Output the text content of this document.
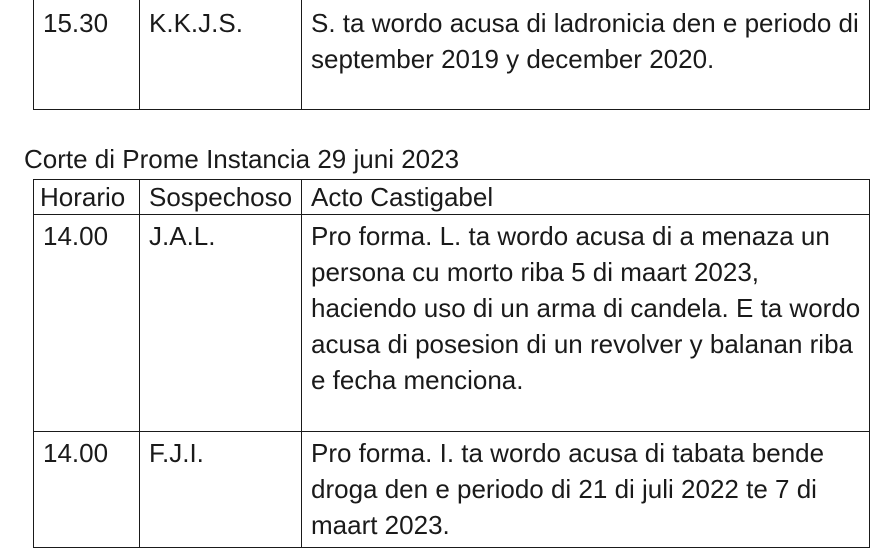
15.30	K.K.J.S.	S. ta wordo acusa di ladronicia den e periodo di september 2019 y december 2020.
Corte di Prome Instancia 29 juni 2023
Horario	Sospechoso	Acto Castigabel
14.00	J.A.L.	Pro forma. L. ta wordo acusa di a menaza un persona cu morto riba 5 di maart 2023, haciendo uso di un arma di candela. E ta wordo acusa di posesion di un revolver y balanan riba e fecha menciona.
14.00	F.J.I.	Pro forma. I. ta wordo acusa di tabata bende droga den e periodo di 21 di juli 2022 te 7 di maart 2023.
